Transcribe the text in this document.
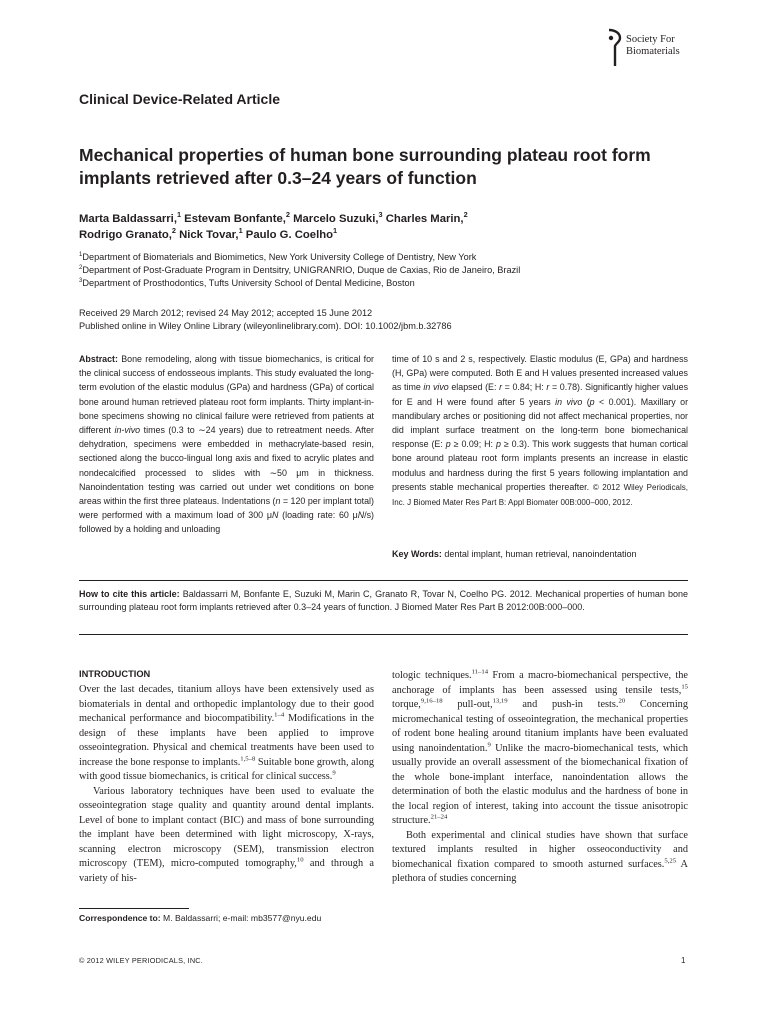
Society For
Biomaterials
Clinical Device-Related Article
Mechanical properties of human bone surrounding plateau root form implants retrieved after 0.3–24 years of function
Marta Baldassarri,$^1$ Estevam Bonfante,$^2$ Marcelo Suzuki,$^3$ Charles Marin,$^2$
Rodrigo Granato,$^2$ Nick Tovar,$^1$ Paulo G. Coelho$^1$
$^1$Department of Biomaterials and Biomimetics, New York University College of Dentistry, New York
$^2$Department of Post-Graduate Program in Dentsitry, UNIGRANRIO, Duque de Caxias, Rio de Janeiro, Brazil
$^3$Department of Prosthodontics, Tufts University School of Dental Medicine, Boston
Received 29 March 2012; revised 24 May 2012; accepted 15 June 2012
Published online in Wiley Online Library (wileyonlinelibrary.com). DOI: 10.1002/jbm.b.32786
Abstract: Bone remodeling, along with tissue biomechanics, is critical for the clinical success of endosseous implants. This study evaluated the long-term evolution of the elastic modulus (GPa) and hardness (GPa) of cortical bone around human retrieved plateau root form implants. Thirty implant-in-bone specimens showing no clinical failure were retrieved from patients at different in-vivo times (0.3 to ∼24 years) due to retreatment needs. After dehydration, specimens were embedded in methacrylate-based resin, sectioned along the bucco-lingual long axis and fixed to acrylic plates and nondecalcified processed to slides with ∼50 μm in thickness. Nanoindentation testing was carried out under wet conditions on bone areas within the first three plateaus. Indentations (n = 120 per implant total) were performed with a maximum load of 300 μN (loading rate: 60 μN/s) followed by a holding and unloading
time of 10 s and 2 s, respectively. Elastic modulus (E, GPa) and hardness (H, GPa) were computed. Both E and H values presented increased values as time in vivo elapsed (E: r = 0.84; H: r = 0.78). Significantly higher values for E and H were found after 5 years in vivo (p < 0.001). Maxillary or mandibulary arches or positioning did not affect mechanical properties, nor did implant surface treatment on the long-term bone biomechanical response (E: p ≥ 0.09; H: p ≥ 0.3). This work suggests that human cortical bone around plateau root form implants presents an increase in elastic modulus and hardness during the first 5 years following implantation and presents stable mechanical properties thereafter. © 2012 Wiley Periodicals, Inc. J Biomed Mater Res Part B: Appl Biomater 00B:000–000, 2012.
Key Words: dental implant, human retrieval, nanoindentation
How to cite this article: Baldassarri M, Bonfante E, Suzuki M, Marin C, Granato R, Tovar N, Coelho PG. 2012. Mechanical properties of human bone surrounding plateau root form implants retrieved after 0.3–24 years of function. J Biomed Mater Res Part B 2012:00B:000–000.
INTRODUCTION

Over the last decades, titanium alloys have been extensively used as biomaterials in dental and orthopedic implantology due to their good mechanical performance and biocompatibility.$^{1-4}$ Modifications in the design of these implants have been applied to improve osseointegration. Physical and chemical treatments have been used to increase the bone response to implants.$^{1,5-8}$ Suitable bone growth, along with good tissue biomechanics, is critical for clinical success.$^9$

Various laboratory techniques have been used to evaluate the osseointegration stage quality and quantity around dental implants. Level of bone to implant contact (BIC) and mass of bone surrounding the implant have been determined with light microscopy, X-rays, scanning electron microscopy (SEM), transmission electron microscopy (TEM), micro-computed tomography,$^{10}$ and through a variety of his-

tologic techniques.$^{11-14}$ From a macro-biomechanical perspective, the anchorage of implants has been assessed using tensile tests,$^{15}$ torque,$^{9,16-18}$ pull-out,$^{13,19}$ and push-in tests.$^{20}$ Concerning micromechanical testing of osseointegration, the mechanical properties of rodent bone healing around titanium implants have been evaluated using nanoindentation.$^9$ Unlike the macro-biomechanical tests, which usually provide an overall assessment of the biomechanical fixation of the whole bone-implant interface, nanoindentation allows the determination of both the elastic modulus and the hardness of bone in the local region of interest, taking into account the tissue anisotropic structure.$^{21-24}$

Both experimental and clinical studies have shown that surface textured implants resulted in higher osseoconductivity and biomechanical fixation compared to smooth asturned surfaces.$^{5,25}$ A plethora of studies concerning

Correspondence to: M. Baldassarri; e-mail: mb3577@nyu.edu
© 2012 WILEY PERIODICALS, INC.	1
